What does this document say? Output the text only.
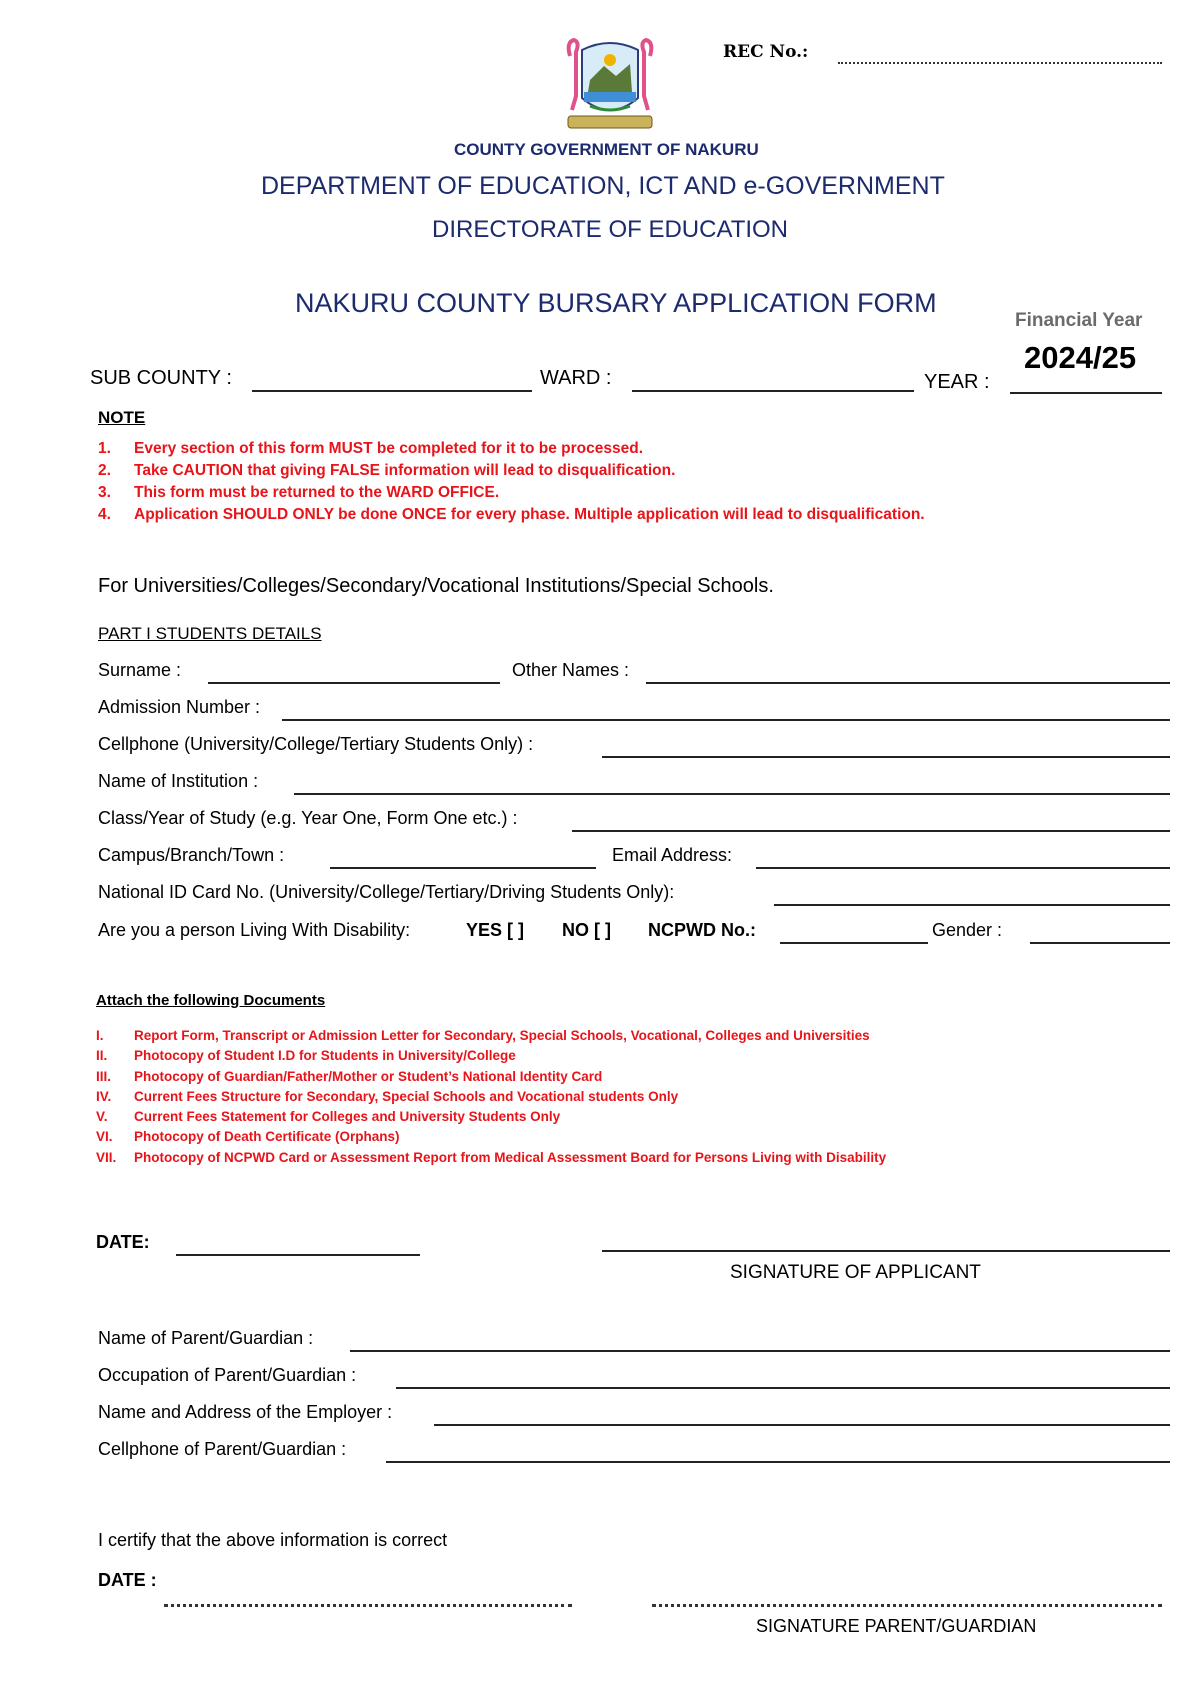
REC No.:
COUNTY GOVERNMENT OF NAKURU
DEPARTMENT OF EDUCATION, ICT AND e-GOVERNMENT
DIRECTORATE OF EDUCATION
NAKURU COUNTY BURSARY APPLICATION FORM
Financial Year
2024/25
SUB COUNTY :	WARD :	YEAR :
NOTE
1. Every section of this form MUST be completed for it to be processed.
2. Take CAUTION that giving FALSE information will lead to disqualification.
3. This form must be returned to the WARD OFFICE.
4. Application SHOULD ONLY be done ONCE for every phase. Multiple application will lead to disqualification.
For Universities/Colleges/Secondary/Vocational Institutions/Special Schools.
PART I STUDENTS DETAILS
Surname :	Other Names :
Admission Number :
Cellphone (University/College/Tertiary Students Only) :
Name of Institution :
Class/Year of Study (e.g. Year One, Form One etc.) :
Campus/Branch/Town :	Email Address:
National ID Card No. (University/College/Tertiary/Driving Students Only):
Are you a person Living With Disability:	YES [ ] NO [ ] NCPWD No.:	Gender :
Attach the following Documents
I. Report Form, Transcript or Admission Letter for Secondary, Special Schools, Vocational, Colleges and Universities
II. Photocopy of Student I.D for Students in University/College
III. Photocopy of Guardian/Father/Mother or Student’s National Identity Card
IV. Current Fees Structure for Secondary, Special Schools and Vocational students Only
V. Current Fees Statement for Colleges and University Students Only
VI. Photocopy of Death Certificate (Orphans)
VII. Photocopy of NCPWD Card or Assessment Report from Medical Assessment Board for Persons Living with Disability
DATE:
SIGNATURE OF APPLICANT
Name of Parent/Guardian :
Occupation of Parent/Guardian :
Name and Address of the Employer :
Cellphone of Parent/Guardian :
I certify that the above information is correct
DATE :
SIGNATURE PARENT/GUARDIAN
